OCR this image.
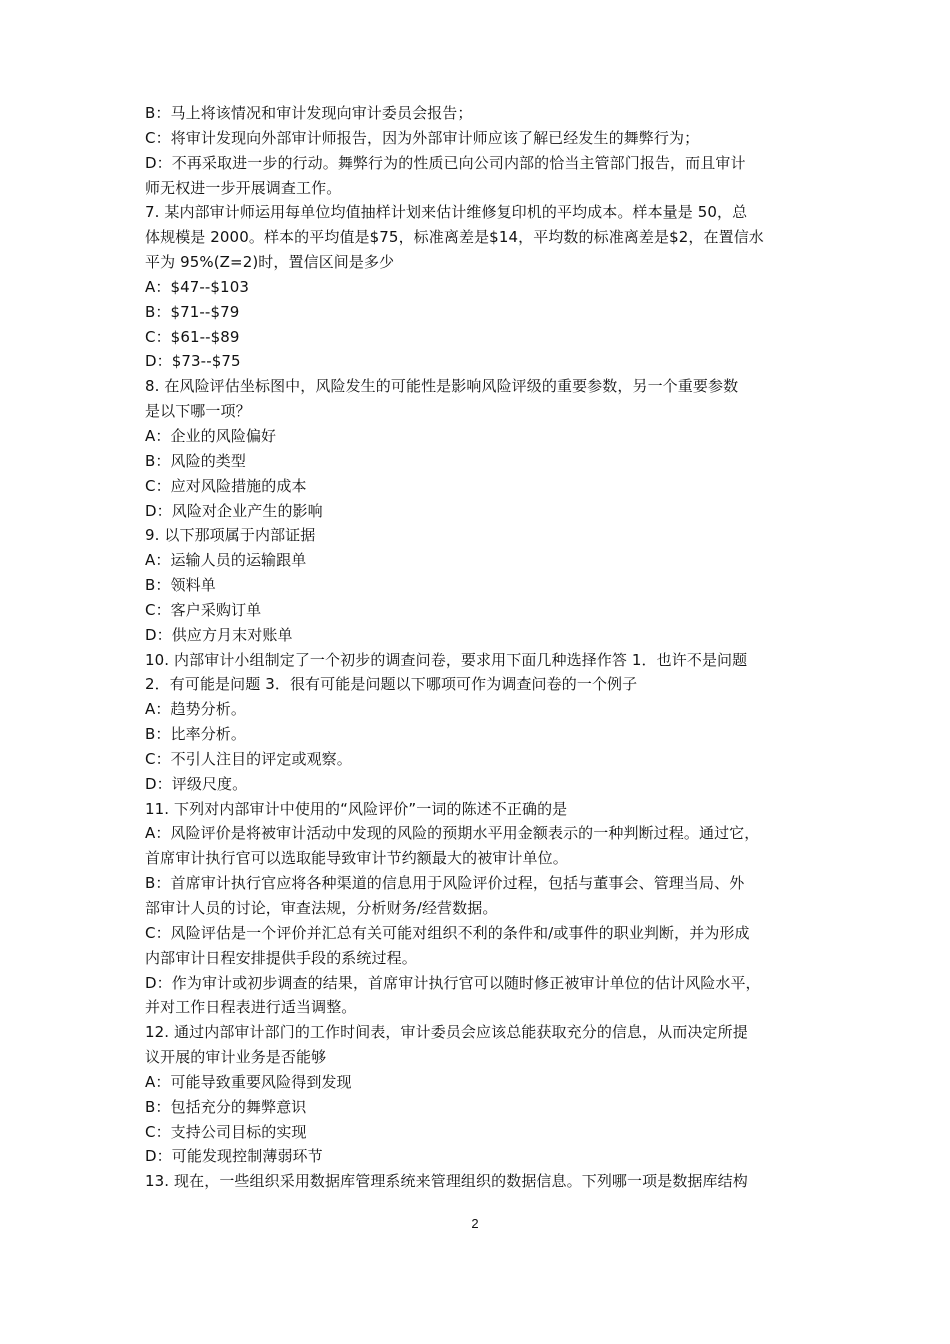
B：马上将该情况和审计发现向审计委员会报告；
C：将审计发现向外部审计师报告，因为外部审计师应该了解已经发生的舞弊行为；
D：不再采取进一步的行动。舞弊行为的性质已向公司内部的恰当主管部门报告，而且审计
师无权进一步开展调查工作。
7. 某内部审计师运用每单位均值抽样计划来估计维修复印机的平均成本。样本量是 50，总
体规模是 2000。样本的平均值是$75，标准离差是$14，平均数的标准离差是$2，在置信水
平为 95%(Z=2)时，置信区间是多少
A：$47--$103
B：$71--$79
C：$61--$89
D：$73--$75
8. 在风险评估坐标图中，风险发生的可能性是影响风险评级的重要参数，另一个重要参数
是以下哪一项？
A：企业的风险偏好
B：风险的类型
C：应对风险措施的成本
D：风险对企业产生的影响
9. 以下那项属于内部证据
A：运输人员的运输跟单
B：领料单
C：客户采购订单
D：供应方月末对账单
10. 内部审计小组制定了一个初步的调查问卷，要求用下面几种选择作答 1．也许不是问题
2．有可能是问题 3．很有可能是问题以下哪项可作为调查问卷的一个例子
A：趋势分析。
B：比率分析。
C：不引人注目的评定或观察。
D：评级尺度。
11. 下列对内部审计中使用的“风险评价”一词的陈述不正确的是
A：风险评价是将被审计活动中发现的风险的预期水平用金额表示的一种判断过程。通过它，
首席审计执行官可以选取能导致审计节约额最大的被审计单位。
B：首席审计执行官应将各种渠道的信息用于风险评价过程，包括与董事会、管理当局、外
部审计人员的讨论，审查法规，分析财务/经营数据。
C：风险评估是一个评价并汇总有关可能对组织不利的条件和/或事件的职业判断，并为形成
内部审计日程安排提供手段的系统过程。
D：作为审计或初步调查的结果，首席审计执行官可以随时修正被审计单位的估计风险水平，
并对工作日程表进行适当调整。
12. 通过内部审计部门的工作时间表，审计委员会应该总能获取充分的信息，从而决定所提
议开展的审计业务是否能够
A：可能导致重要风险得到发现
B：包括充分的舞弊意识
C：支持公司目标的实现
D：可能发现控制薄弱环节
13. 现在，一些组织采用数据库管理系统来管理组织的数据信息。下列哪一项是数据库结构
2
